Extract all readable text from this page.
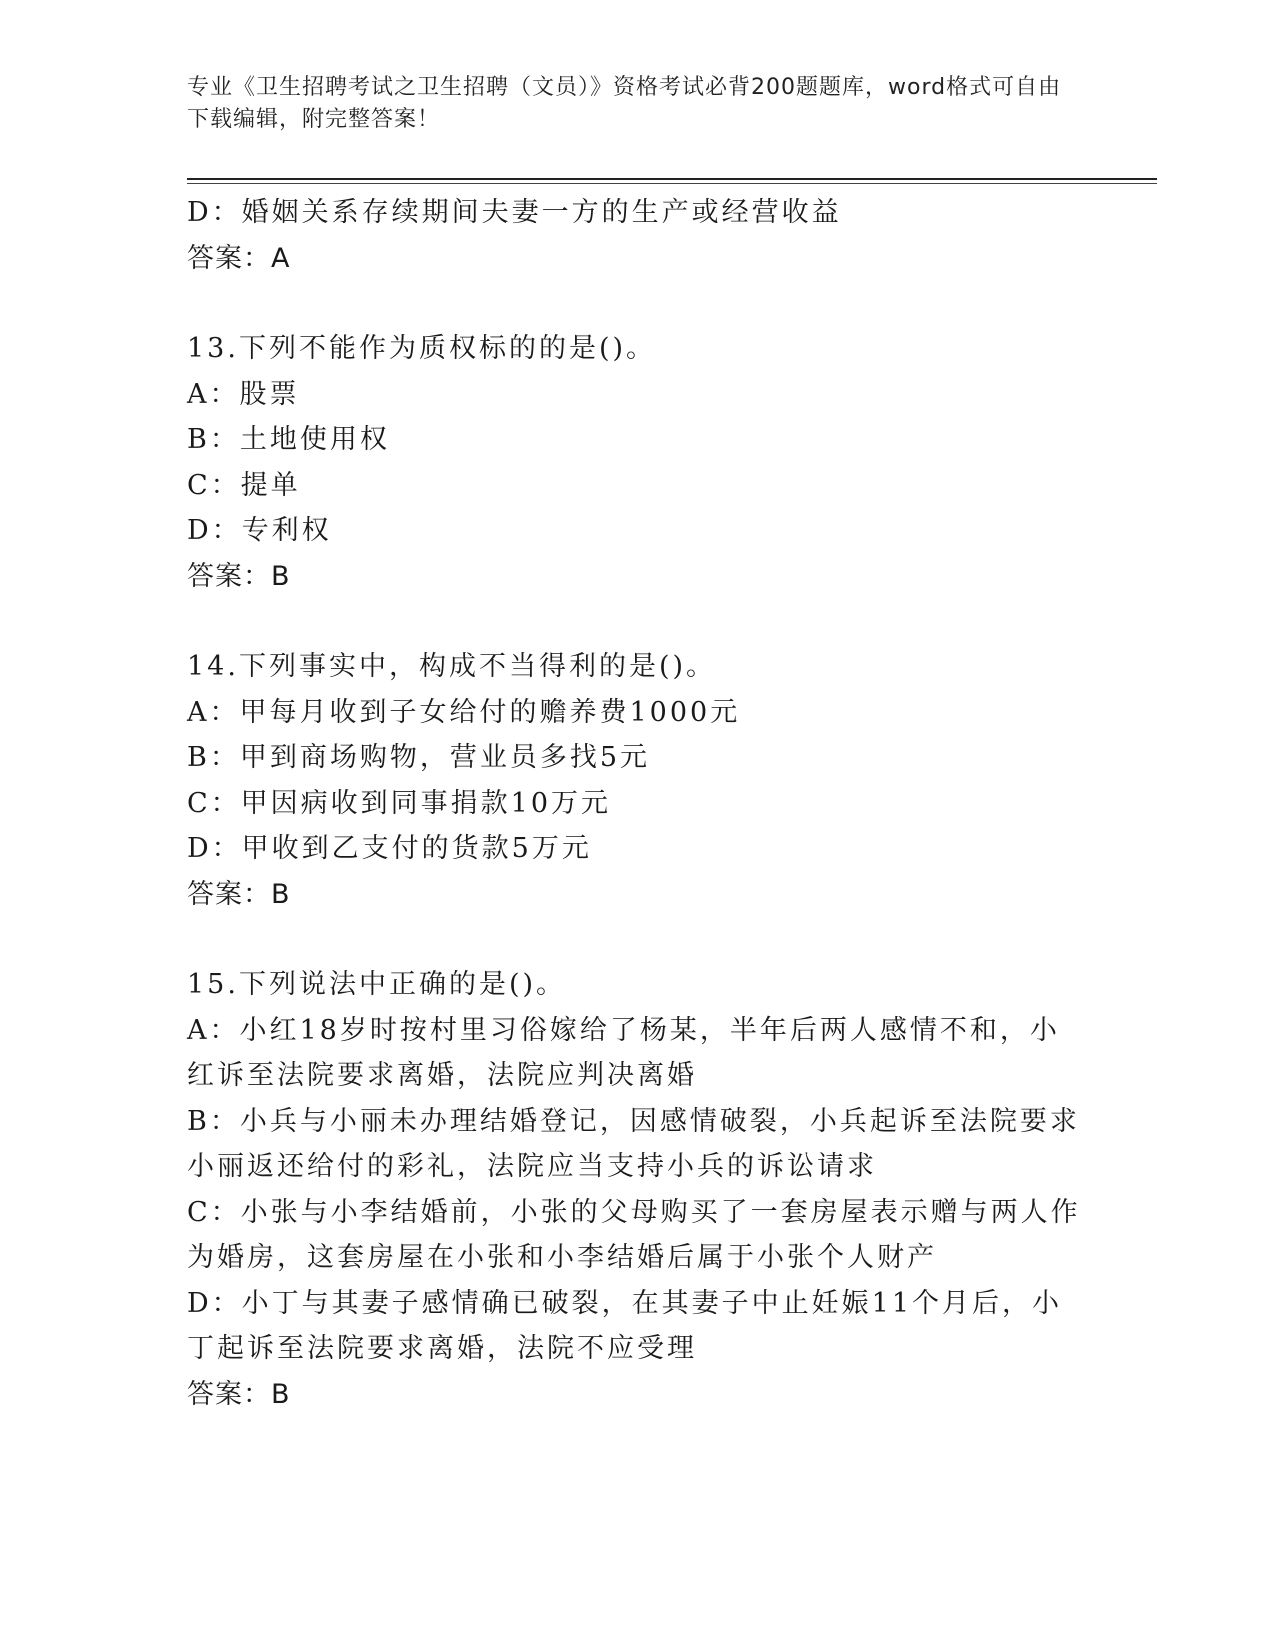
专业《卫生招聘考试之卫生招聘（文员）》资格考试必背200题题库，word格式可自由下载编辑，附完整答案！
D：婚姻关系存续期间夫妻一方的生产或经营收益
答案：A
13.下列不能作为质权标的的是()。
A：股票
B：土地使用权
C：提单
D：专利权
答案：B
14.下列事实中，构成不当得利的是()。
A：甲每月收到子女给付的赡养费1000元
B：甲到商场购物，营业员多找5元
C：甲因病收到同事捐款10万元
D：甲收到乙支付的货款5万元
答案：B
15.下列说法中正确的是()。
A：小红18岁时按村里习俗嫁给了杨某，半年后两人感情不和，小红诉至法院要求离婚，法院应判决离婚
B：小兵与小丽未办理结婚登记，因感情破裂，小兵起诉至法院要求小丽返还给付的彩礼，法院应当支持小兵的诉讼请求
C：小张与小李结婚前，小张的父母购买了一套房屋表示赠与两人作为婚房，这套房屋在小张和小李结婚后属于小张个人财产
D：小丁与其妻子感情确已破裂，在其妻子中止妊娠11个月后，小丁起诉至法院要求离婚，法院不应受理
答案：B
